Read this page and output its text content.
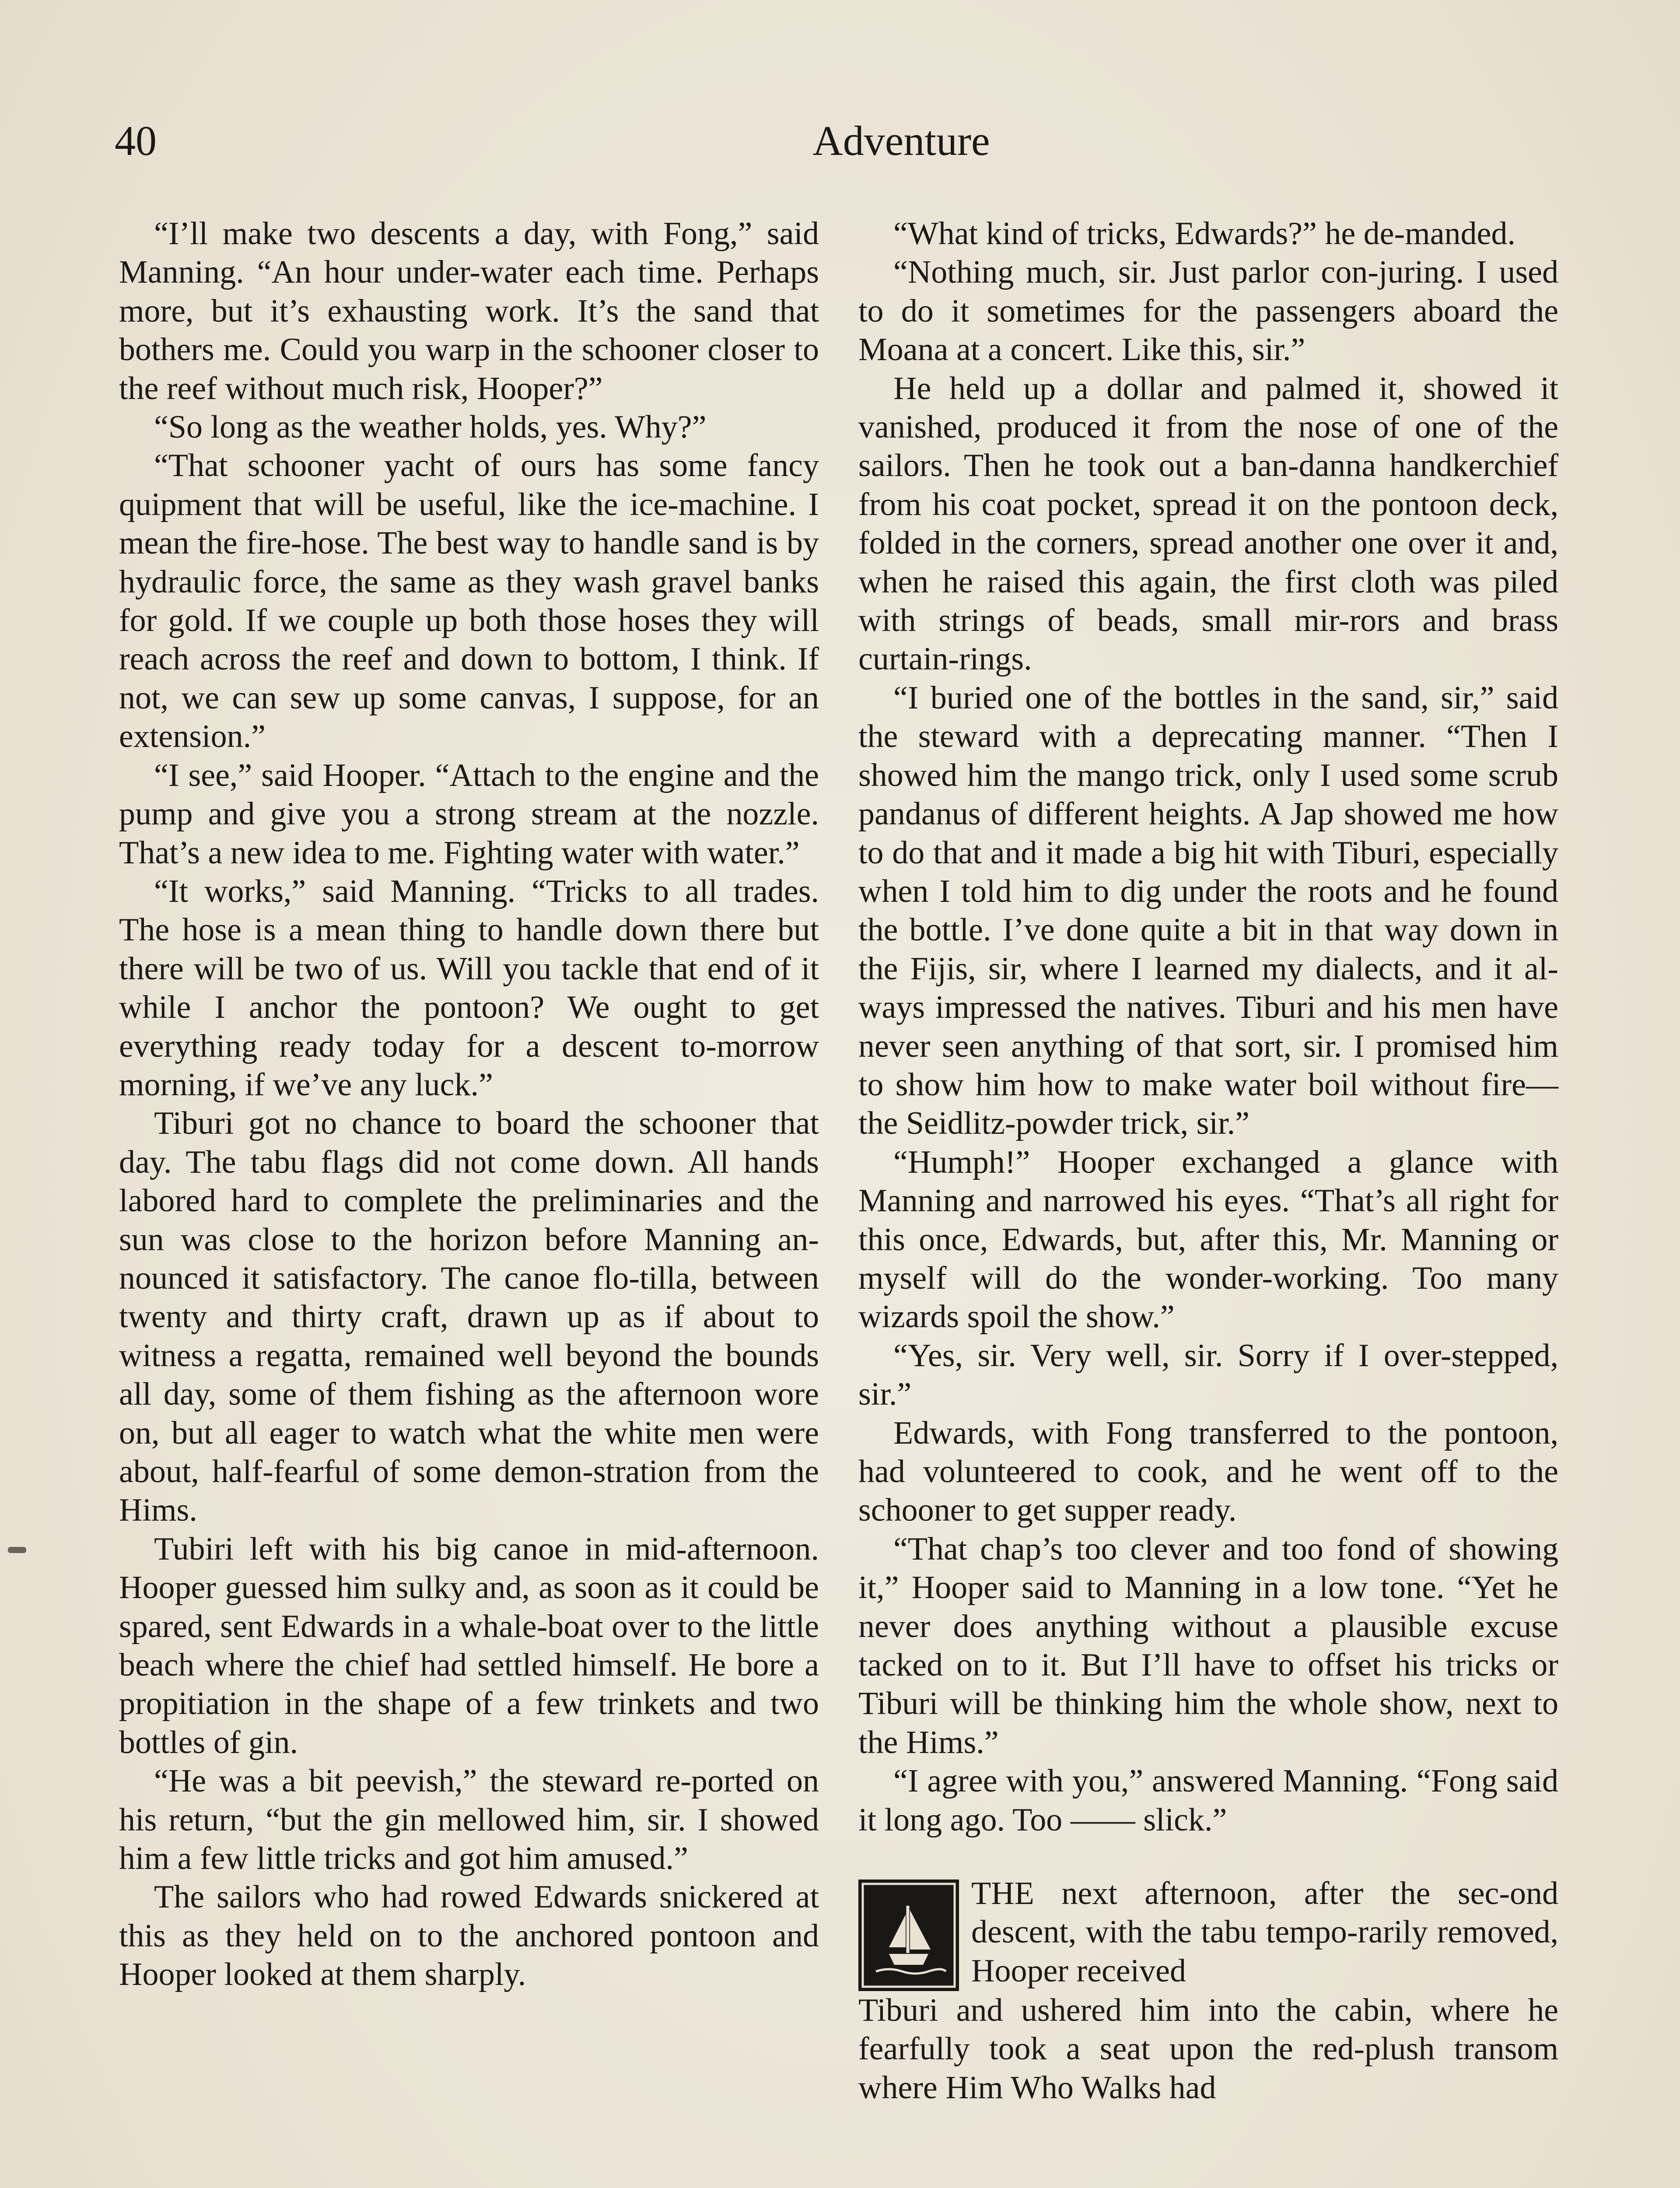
40	Adventure

“I’ll make two descents a day, with Fong,” said Manning. “An hour under-water each time. Perhaps more, but it’s exhausting work. It’s the sand that bothers me. Could you warp in the schooner closer to the reef without much risk, Hooper?”

“So long as the weather holds, yes. Why?”

“That schooner yacht of ours has some fancy quipment that will be useful, like the ice-machine. I mean the fire-hose. The best way to handle sand is by hydraulic force, the same as they wash gravel banks for gold. If we couple up both those hoses they will reach across the reef and down to bottom, I think. If not, we can sew up some canvas, I suppose, for an extension.”

“I see,” said Hooper. “Attach to the engine and the pump and give you a strong stream at the nozzle. That’s a new idea to me. Fighting water with water.”

“It works,” said Manning. “Tricks to all trades. The hose is a mean thing to handle down there but there will be two of us. Will you tackle that end of it while I anchor the pontoon? We ought to get everything ready today for a descent to-morrow morning, if we’ve any luck.”

Tiburi got no chance to board the schooner that day. The tabu flags did not come down. All hands labored hard to complete the preliminaries and the sun was close to the horizon before Manning an-nounced it satisfactory. The canoe flo-tilla, between twenty and thirty craft, drawn up as if about to witness a regatta, remained well beyond the bounds all day, some of them fishing as the afternoon wore on, but all eager to watch what the white men were about, half-fearful of some demon-stration from the Hims.

Tubiri left with his big canoe in mid-afternoon. Hooper guessed him sulky and, as soon as it could be spared, sent Edwards in a whale-boat over to the little beach where the chief had settled himself. He bore a propitiation in the shape of a few trinkets and two bottles of gin.

“He was a bit peevish,” the steward re-ported on his return, “but the gin mellowed him, sir. I showed him a few little tricks and got him amused.”

The sailors who had rowed Edwards snickered at this as they held on to the anchored pontoon and Hooper looked at them sharply.

“What kind of tricks, Edwards?” he de-manded.

“Nothing much, sir. Just parlor con-juring. I used to do it sometimes for the passengers aboard the Moana at a concert. Like this, sir.”

He held up a dollar and palmed it, showed it vanished, produced it from the nose of one of the sailors. Then he took out a ban-danna handkerchief from his coat pocket, spread it on the pontoon deck, folded in the corners, spread another one over it and, when he raised this again, the first cloth was piled with strings of beads, small mir-rors and brass curtain-rings.

“I buried one of the bottles in the sand, sir,” said the steward with a deprecating manner. “Then I showed him the mango trick, only I used some scrub pandanus of different heights. A Jap showed me how to do that and it made a big hit with Tiburi, especially when I told him to dig under the roots and he found the bottle. I’ve done quite a bit in that way down in the Fijis, sir, where I learned my dialects, and it al-ways impressed the natives. Tiburi and his men have never seen anything of that sort, sir. I promised him to show him how to make water boil without fire—the Seidlitz-powder trick, sir.”

“Humph!” Hooper exchanged a glance with Manning and narrowed his eyes. “That’s all right for this once, Edwards, but, after this, Mr. Manning or myself will do the wonder-working. Too many wizards spoil the show.”

“Yes, sir. Very well, sir. Sorry if I over-stepped, sir.”

Edwards, with Fong transferred to the pontoon, had volunteered to cook, and he went off to the schooner to get supper ready.

“That chap’s too clever and too fond of showing it,” Hooper said to Manning in a low tone. “Yet he never does anything without a plausible excuse tacked on to it. But I’ll have to offset his tricks or Tiburi will be thinking him the whole show, next to the Hims.”

“I agree with you,” answered Manning. “Fong said it long ago. Too —— slick.”

THE next afternoon, after the sec-ond descent, with the tabu tempo-rarily removed, Hooper received

Tiburi and ushered him into the cabin, where he fearfully took a seat upon the red-plush transom where Him Who Walks had
